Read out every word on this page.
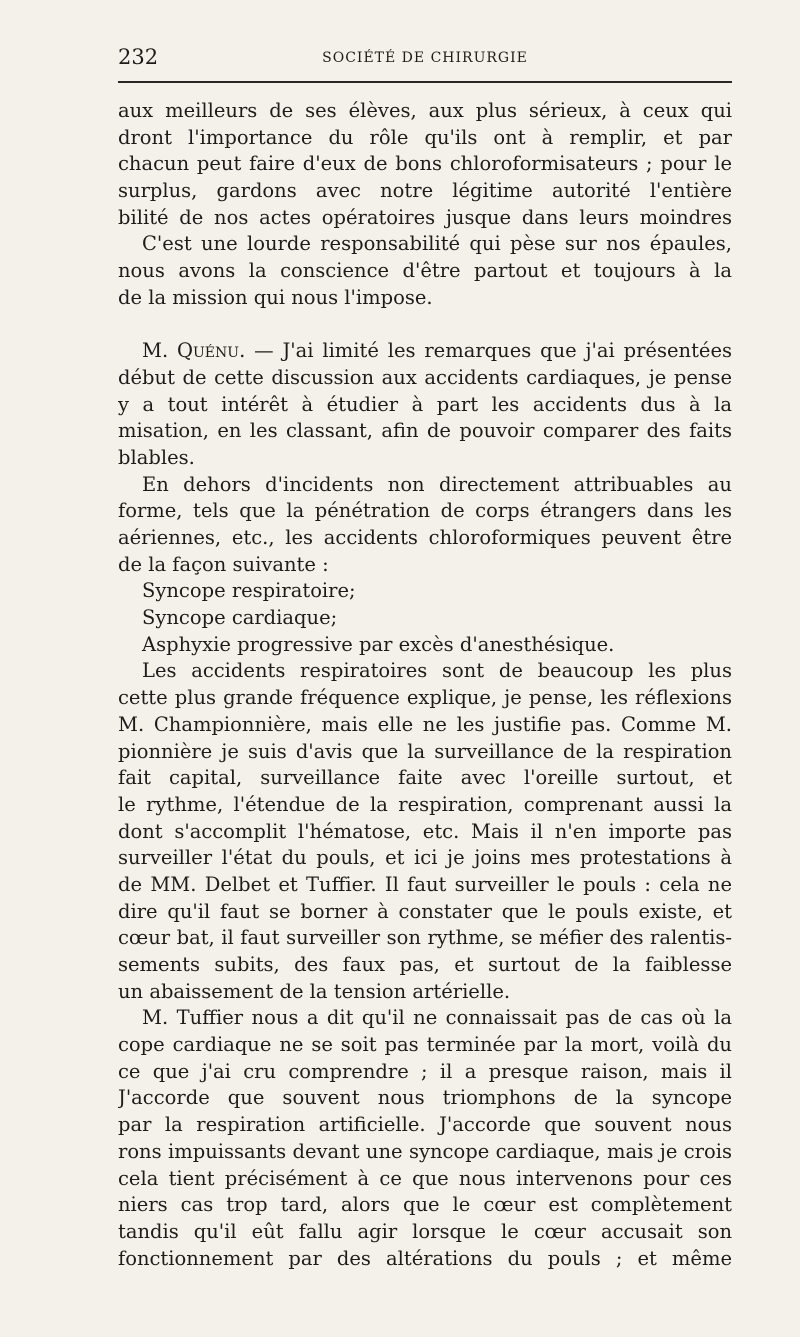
232	SOCIÉTÉ DE CHIRURGIE
aux meilleurs de ses élèves, aux plus sérieux, à ceux qui
dront l'importance du rôle qu'ils ont à remplir, et par
chacun peut faire d'eux de bons chloroformisateurs ; pour le
surplus, gardons avec notre légitime autorité l'entière
bilité de nos actes opératoires jusque dans leurs moindres
C'est une lourde responsabilité qui pèse sur nos épaules,
nous avons la conscience d'être partout et toujours à la
de la mission qui nous l'impose.
M. Quénu. — J'ai limité les remarques que j'ai présentées
début de cette discussion aux accidents cardiaques, je pense
y a tout intérêt à étudier à part les accidents dus à la
misation, en les classant, afin de pouvoir comparer des faits
blables.
En dehors d'incidents non directement attribuables au
forme, tels que la pénétration de corps étrangers dans les
aériennes, etc., les accidents chloroformiques peuvent être
de la façon suivante :
Syncope respiratoire;
Syncope cardiaque;
Asphyxie progressive par excès d'anesthésique.
Les accidents respiratoires sont de beaucoup les plus
cette plus grande fréquence explique, je pense, les réflexions
M. Championnière, mais elle ne les justifie pas. Comme M.
pionnière je suis d'avis que la surveillance de la respiration
fait capital, surveillance faite avec l'oreille surtout, et
le rythme, l'étendue de la respiration, comprenant aussi la
dont s'accomplit l'hématose, etc. Mais il n'en importe pas
surveiller l'état du pouls, et ici je joins mes protestations à
de MM. Delbet et Tuffier. Il faut surveiller le pouls : cela ne
dire qu'il faut se borner à constater que le pouls existe, et
cœur bat, il faut surveiller son rythme, se méfier des ralentis-
sements subits, des faux pas, et surtout de la faiblesse
un abaissement de la tension artérielle.
M. Tuffier nous a dit qu'il ne connaissait pas de cas où la
cope cardiaque ne se soit pas terminée par la mort, voilà du
ce que j'ai cru comprendre ; il a presque raison, mais il
J'accorde que souvent nous triomphons de la syncope
par la respiration artificielle. J'accorde que souvent nous
rons impuissants devant une syncope cardiaque, mais je crois
cela tient précisément à ce que nous intervenons pour ces
niers cas trop tard, alors que le cœur est complètement
tandis qu'il eût fallu agir lorsque le cœur accusait son
fonctionnement par des altérations du pouls ; et même
